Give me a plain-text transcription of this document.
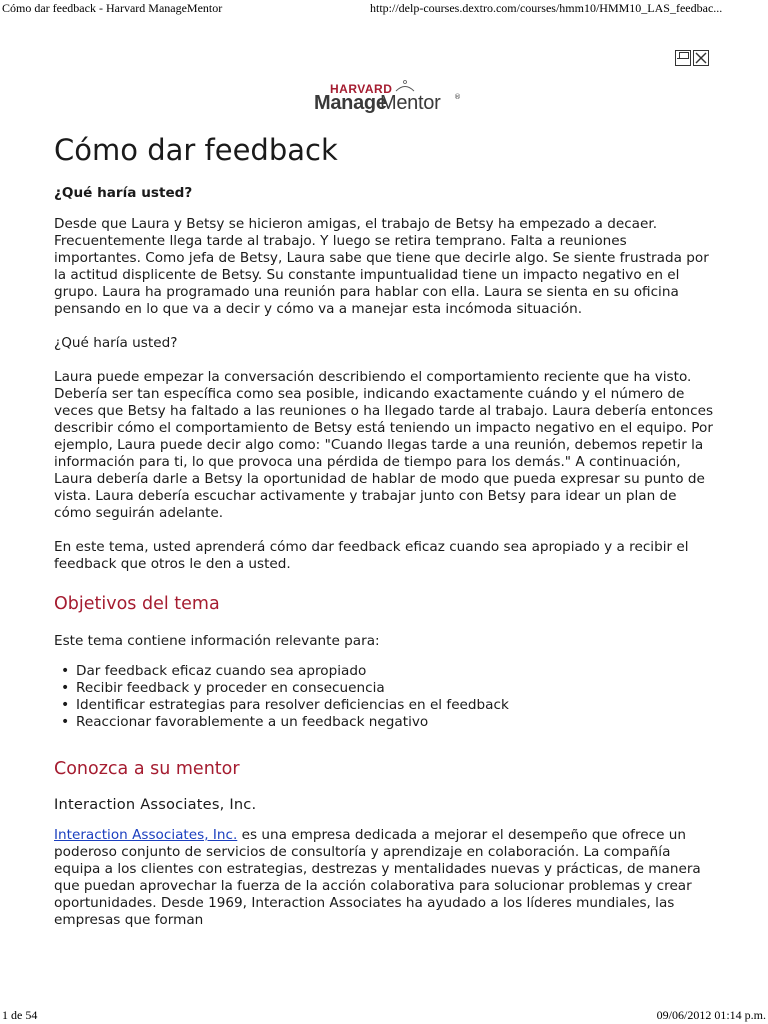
Cómo dar feedback - Harvard ManageMentor	http://delp-courses.dextro.com/courses/hmm10/HMM10_LAS_feedbac...
HARVARD
Manage
Mentor ®
Cómo dar feedback
¿Qué haría usted?

Desde que Laura y Betsy se hicieron amigas, el trabajo de Betsy ha empezado a decaer. Frecuentemente llega tarde al trabajo. Y luego se retira temprano. Falta a reuniones importantes. Como jefa de Betsy, Laura sabe que tiene que decirle algo. Se siente frustrada por la actitud displicente de Betsy. Su constante impuntualidad tiene un impacto negativo en el grupo. Laura ha programado una reunión para hablar con ella. Laura se sienta en su oficina pensando en lo que va a decir y cómo va a manejar esta incómoda situación.

¿Qué haría usted?

Laura puede empezar la conversación describiendo el comportamiento reciente que ha visto. Debería ser tan específica como sea posible, indicando exactamente cuándo y el número de veces que Betsy ha faltado a las reuniones o ha llegado tarde al trabajo. Laura debería entonces describir cómo el comportamiento de Betsy está teniendo un impacto negativo en el equipo. Por ejemplo, Laura puede decir algo como: "Cuando llegas tarde a una reunión, debemos repetir la información para ti, lo que provoca una pérdida de tiempo para los demás." A continuación, Laura debería darle a Betsy la oportunidad de hablar de modo que pueda expresar su punto de vista. Laura debería escuchar activamente y trabajar junto con Betsy para idear un plan de cómo seguirán adelante.

En este tema, usted aprenderá cómo dar feedback eficaz cuando sea apropiado y a recibir el feedback que otros le den a usted.

Objetivos del tema

Este tema contiene información relevante para:

• Dar feedback eficaz cuando sea apropiado
• Recibir feedback y proceder en consecuencia
• Identificar estrategias para resolver deficiencias en el feedback
• Reaccionar favorablemente a un feedback negativo
Conozca a su mentor
Interaction Associates, Inc.

Interaction Associates, Inc. es una empresa dedicada a mejorar el desempeño que ofrece un poderoso conjunto de servicios de consultoría y aprendizaje en colaboración. La compañía equipa a los clientes con estrategias, destrezas y mentalidades nuevas y prácticas, de manera que puedan aprovechar la fuerza de la acción colaborativa para solucionar problemas y crear oportunidades. Desde 1969, Interaction Associates ha ayudado a los líderes mundiales, las empresas que forman

1 de 54	09/06/2012 01:14 p.m.
